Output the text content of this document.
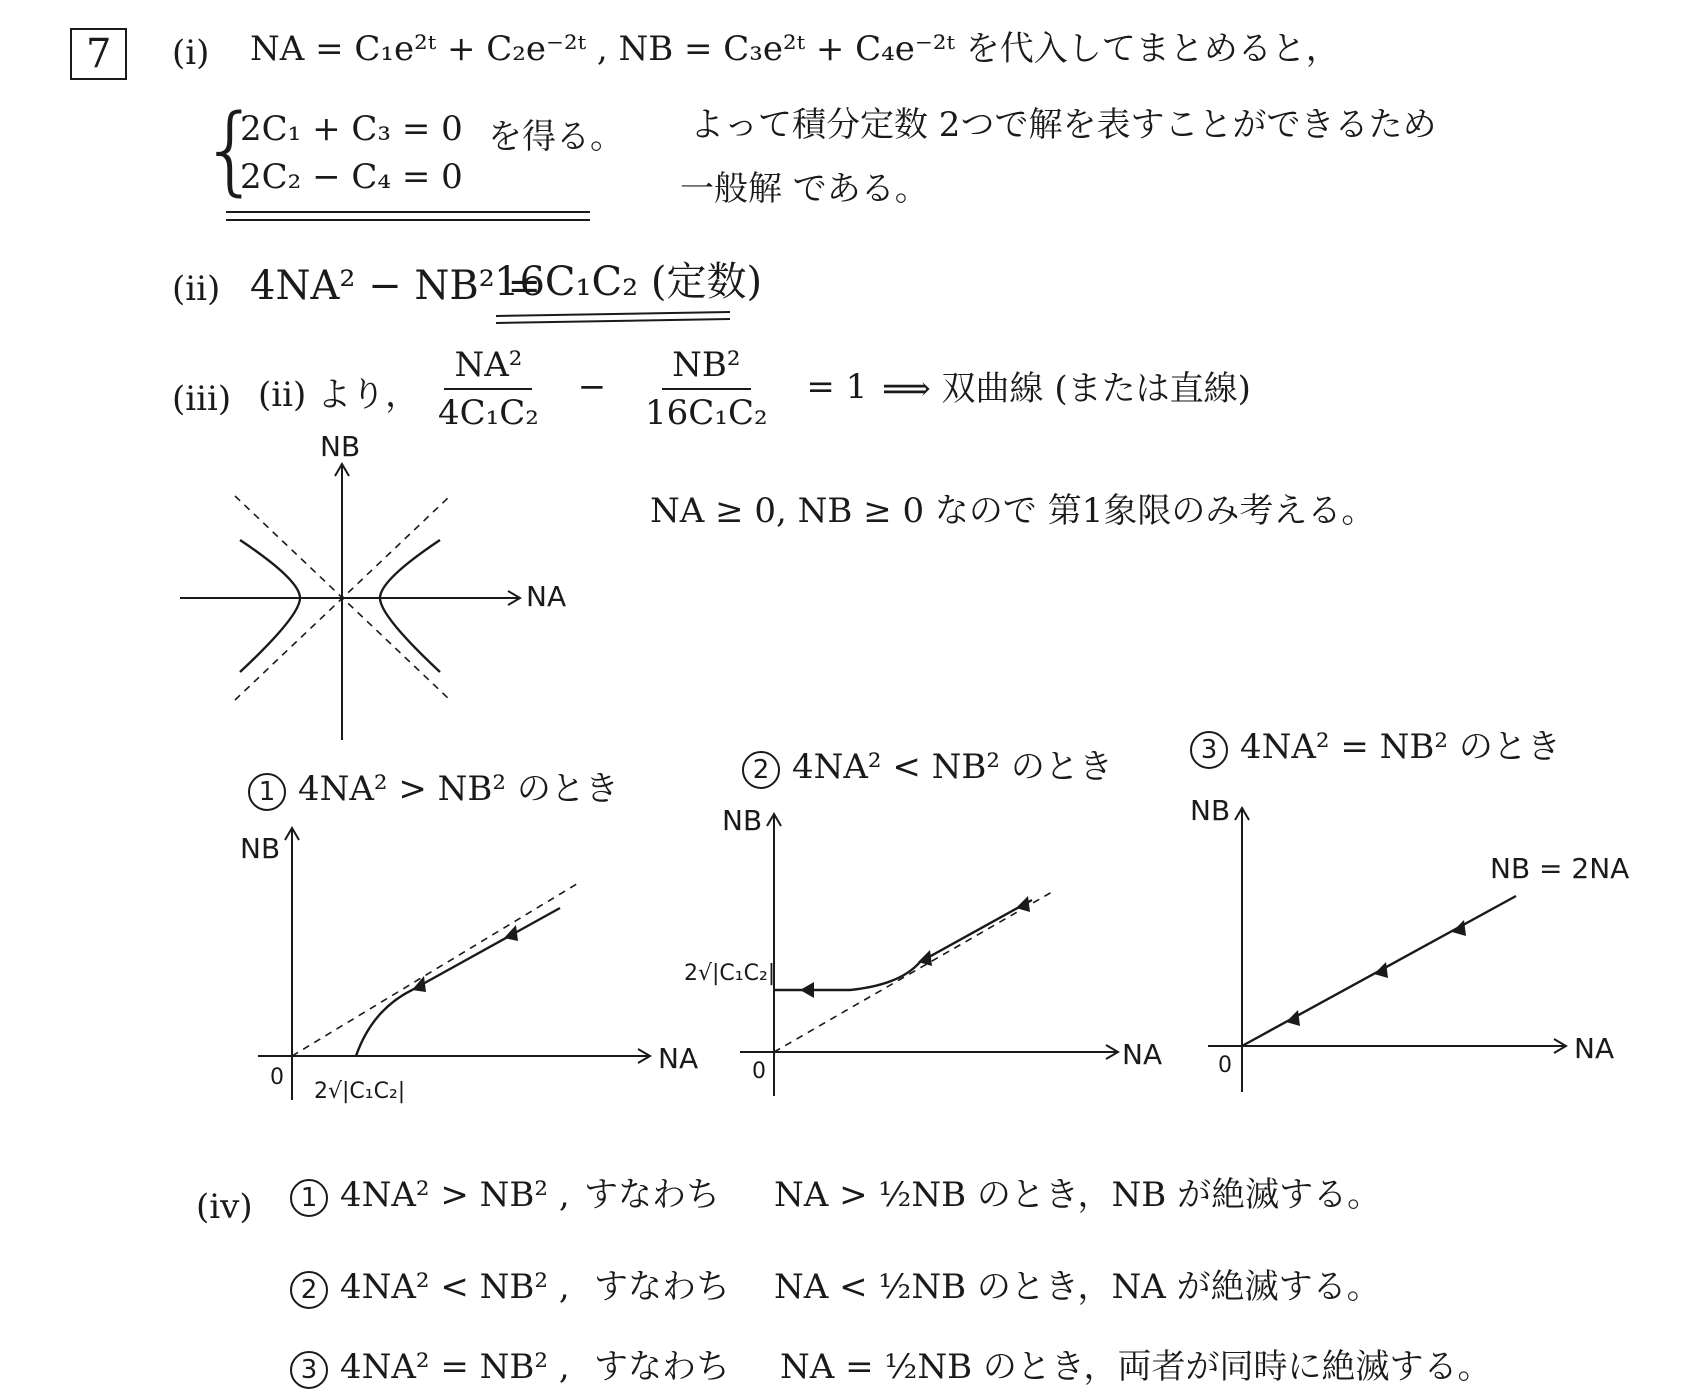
7	(i) NA = C₁e²ᵗ + C₂e⁻²ᵗ , NB = C₃e²ᵗ + C₄e⁻²ᵗ を代入してまとめると，
{
2C₁ + C₃ = 0
2C₂ − C₄ = 0
を得る。 よって積分定数 2つで解を表すことができるため
一般解 である。
(ii) 4NA² − NB² =
16C₁C₂ (定数)
(iii) (ii) より， $\frac{\text{NA²}}{\text{4C₁C₂}} - \frac{\text{NB²}}{\text{16C₁C₂}} = 1$ ⟹ 双曲線 (または直線)
NA ≥ 0, NB ≥ 0 なので 第1象限のみ考える。
NA
NB
1 4NA² > NB² のとき	2 4NA² < NB² のとき	3 4NA² = NB² のとき
NA
NB
0
2√|C₁C₂|
NA
NB
0
2√|C₁C₂|
NA
NB
0
NB = 2NA
(iv)	1 4NA² > NB² , すなわち NA > ½NB のとき，NB が絶滅する。
2 4NA² < NB² , すなわち NA < ½NB のとき，NA が絶滅する。
3 4NA² = NB² , すなわち NA = ½NB のとき，両者が同時に絶滅する。
